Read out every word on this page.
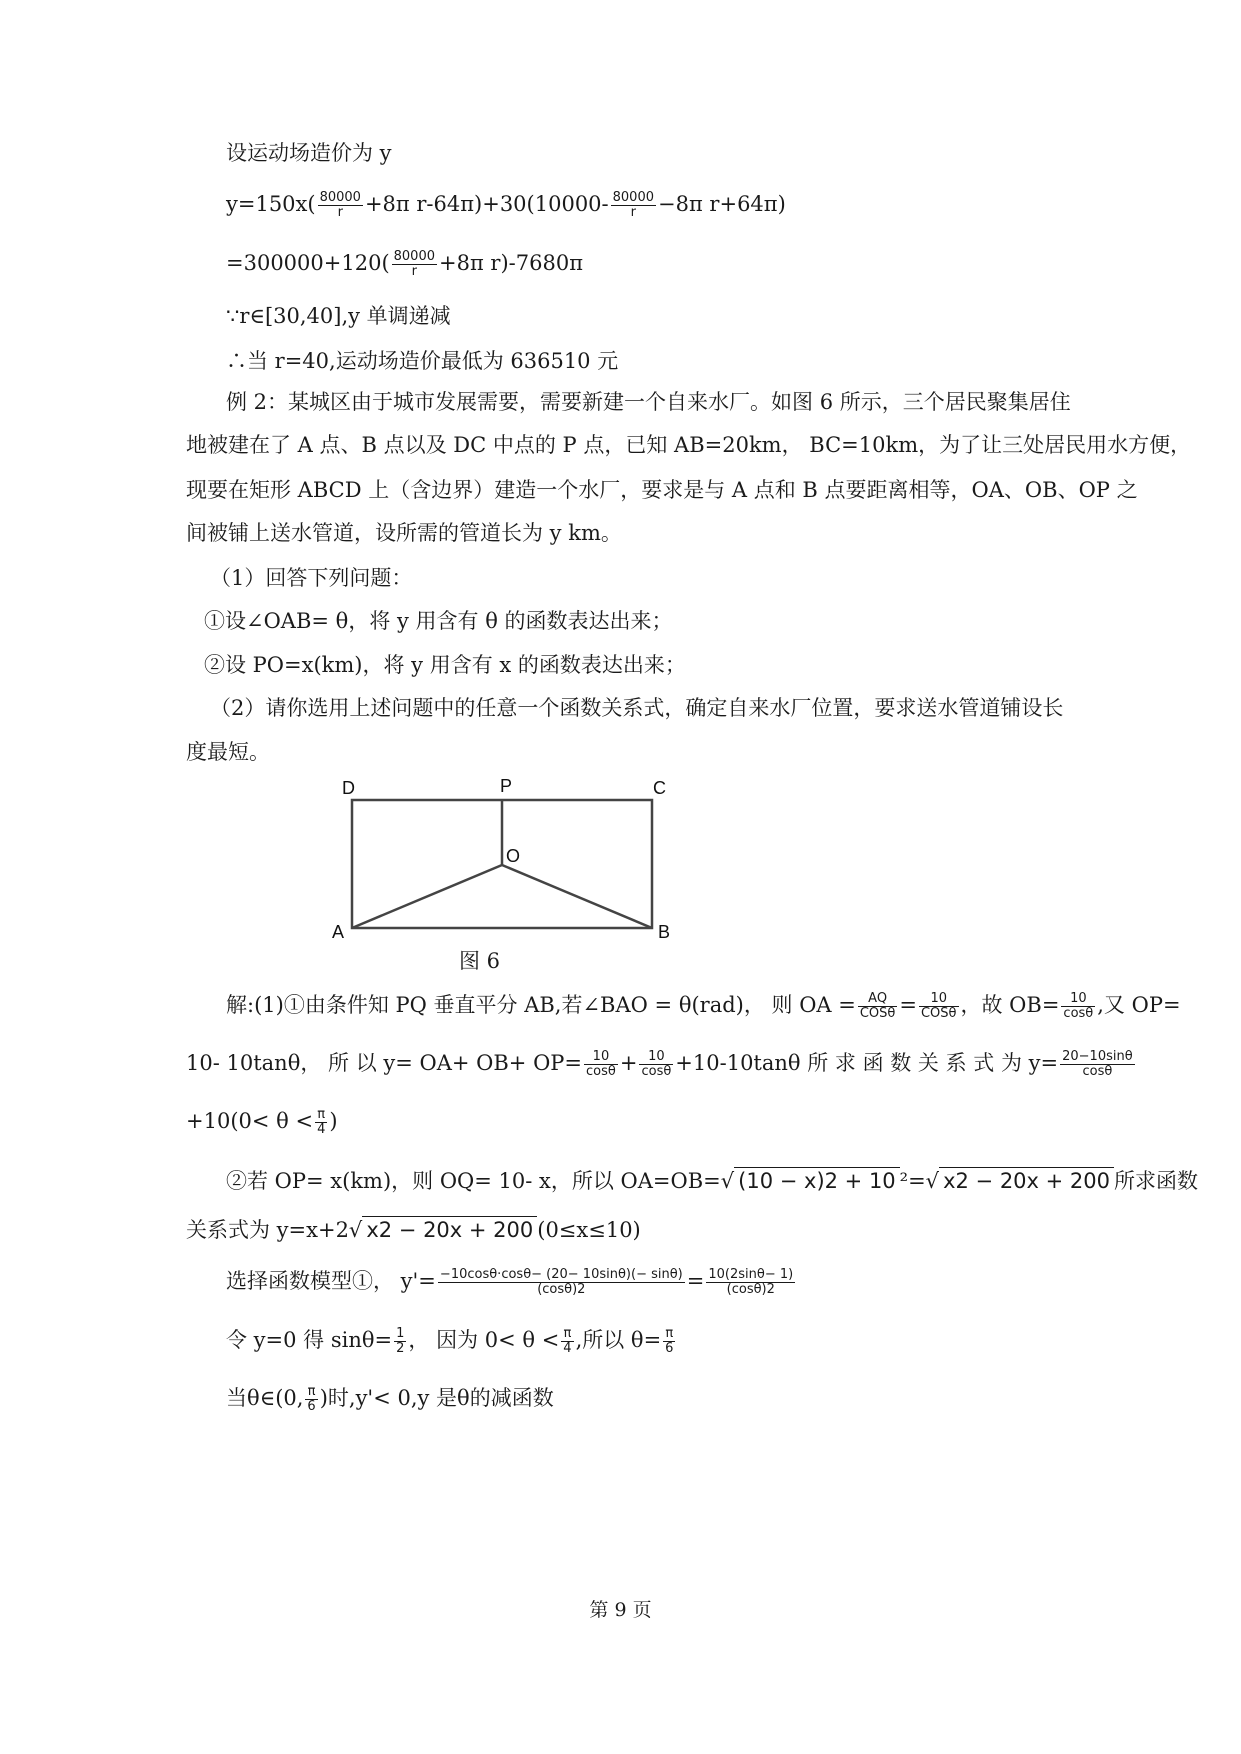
设运动场造价为 y
$y=150x( \frac{80000}{r} +8\pi$ $r-64\pi)+30(10000- \frac{80000}{r} -8\pi$ r+64π)
$=300000+120( \frac{80000}{r} +8\pi$ r)-7680π
∵r∈[30,40],y 单调递减
∴当 r=40,运动场造价最低为 636510 元
例 2：某城区由于城市发展需要，需要新建一个自来水厂。如图 6 所示，三个居民聚集居住
地被建在了 A 点、B 点以及 DC 中点的 P 点，已知 AB=20km， BC=10km，为了让三处居民用水方便，
现要在矩形 ABCD 上（含边界）建造一个水厂，要求是与 A 点和 B 点要距离相等，OA、OB、OP 之
间被铺上送水管道，设所需的管道长为 y km。
（1）回答下列问题：
①设∠OAB= θ，将 y 用含有 θ 的函数表达出来；
②设 PO=x(km)，将 y 用含有 x 的函数表达出来；
（2）请你选用上述问题中的任意一个函数关系式，确定自来水厂位置，要求送水管道铺设长
度最短。
D	P	C
O
A	B
图 6
解:(1)①由条件知 PQ 垂直平分 AB,若∠BAO = θ(rad)， 则 OA = $\frac{AQ}{\text{COSθ}} = \frac{10}{\text{COSθ}}$ ，故 $OB= \frac{10}{\cos\theta}$ ,又 OP=
10- 10tanθ， 所 以 $y= OA+ OB+ OP= \frac{10}{\cos\theta} + \frac{10}{\cos\theta} +10-10\tan\theta$ 所 求 函 数 关 系 式 为 $y= \frac{20-10\sin\theta}{\cos\theta}$
$+10(0< \theta < \frac{\pi}{4}$ )
②若 OP= x(km)，则 OQ= 10- x，所以 OA=OB=√ (10 − x)2 + 10 ²=√ x2 − 20x + 200 所求函数
关系式为 y=x+2√ x2 − 20x + 200 (0≤x≤10)
选择函数模型①， $y'= \frac{-10\cos\theta\cdot\cos\theta- (20- 10\sin\theta)(- \sin\theta)}{(\cos\theta)2} = \frac{10(2\sin\theta- 1)}{(\cos\theta)2}$
令 y=0 得 $\sin\theta= \frac{1}{2}$ ， 因为 $0< \theta < \frac{\pi}{4}$ ,所以 $\theta= \frac{\pi}{6}$
当θ∈(0, $\frac{\pi}{6}$ )时,y'< 0,y 是θ的减函数
第 9 页
